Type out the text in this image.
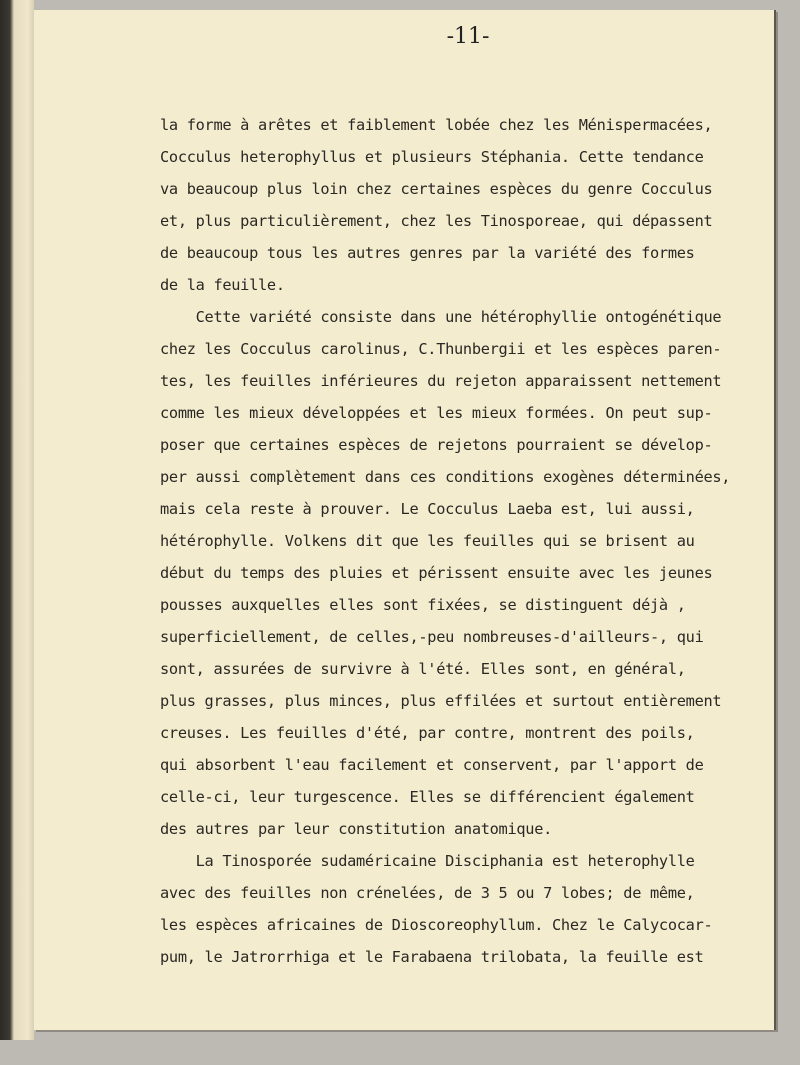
-11-
la forme à arêtes et faiblement lobée chez les Ménispermacées,
Cocculus heterophyllus et plusieurs Stéphania. Cette tendance
va beaucoup plus loin chez certaines espèces du genre Cocculus
et, plus particulièrement, chez les Tinosporeae, qui dépassent
de beaucoup tous les autres genres par la variété des formes
de la feuille.
Cette variété consiste dans une hétérophyllie ontogénétique
chez les Cocculus carolinus, C.Thunbergii et les espèces paren-
tes, les feuilles inférieures du rejeton apparaissent nettement
comme les mieux développées et les mieux formées. On peut sup-
poser que certaines espèces de rejetons pourraient se dévelop-
per aussi complètement dans ces conditions exogènes déterminées,
mais cela reste à prouver. Le Cocculus Laeba est, lui aussi,
hétérophylle. Volkens dit que les feuilles qui se brisent au
début du temps des pluies et périssent ensuite avec les jeunes
pousses auxquelles elles sont fixées, se distinguent déjà ,
superficiellement, de celles,-peu nombreuses-d'ailleurs-, qui
sont, assurées de survivre à l'été. Elles sont, en général,
plus grasses, plus minces, plus effilées et surtout entièrement
creuses. Les feuilles d'été, par contre, montrent des poils,
qui absorbent l'eau facilement et conservent, par l'apport de
celle-ci, leur turgescence. Elles se différencient également
des autres par leur constitution anatomique.
La Tinosporée sudaméricaine Disciphania est heterophylle
avec des feuilles non crénelées, de 3 5 ou 7 lobes; de même,
les espèces africaines de Dioscoreophyllum. Chez le Calycocar-
pum, le Jatrorrhiga et le Farabaena trilobata, la feuille est
